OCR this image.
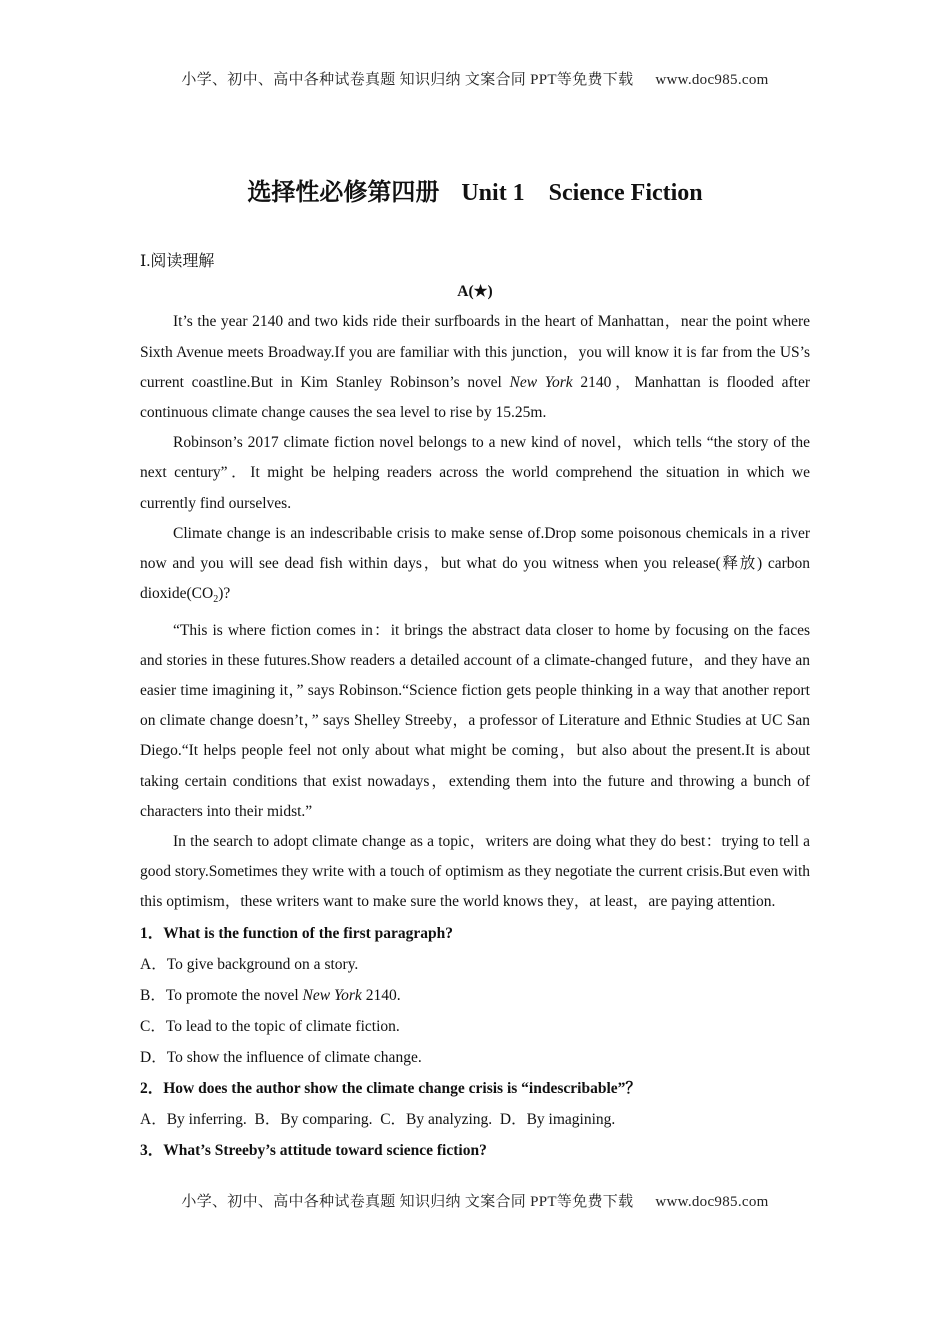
小学、初中、高中各种试卷真题 知识归纳 文案合同 PPT等免费下载 www.doc985.com
选择性必修第四册 Unit 1    Science Fiction

Ⅰ.阅读理解

A(★)

It’s the year 2140 and two kids ride their surfboards in the heart of Manhattan，near the point where Sixth Avenue meets Broadway.If you are familiar with this junction，you will know it is far from the US’s current coastline.But in Kim Stanley Robinson’s novel New York 2140，Manhattan is flooded after continuous climate change causes the sea level to rise by 15.25m.

Robinson’s 2017 climate fiction novel belongs to a new kind of novel，which tells “the story of the next century”．It might be helping readers across the world comprehend the situation in which we currently find ourselves.

Climate change is an indescribable crisis to make sense of.Drop some poisonous chemicals in a river now and you will see dead fish within days，but what do you witness when you release(释放) carbon $dioxide(CO_2)$?

“This is where fiction comes in：it brings the abstract data closer to home by focusing on the faces and stories in these futures.Show readers a detailed account of a climate-changed future，and they have an easier time imagining it，” says Robinson.“Science fiction gets people thinking in a way that another report on climate change doesn’t，” says Shelley Streeby，a professor of Literature and Ethnic Studies at UC San Diego.“It helps people feel not only about what might be coming，but also about the present.It is about taking certain conditions that exist nowadays，extending them into the future and throwing a bunch of characters into their midst.”

In the search to adopt climate change as a topic，writers are doing what they do best：trying to tell a good story.Sometimes they write with a touch of optimism as they negotiate the current crisis.But even with this optimism，these writers want to make sure the world knows they，at least，are paying attention.

1．What is the function of the first paragraph?

A．To give background on a story.

B．To promote the novel New York 2140.

C．To lead to the topic of climate fiction.

D．To show the influence of climate change.

2．How does the author show the climate change crisis is “indescribable”？

A．By inferring.  B．By comparing.  C．By analyzing.  D．By imagining.

3．What’s Streeby’s attitude toward science fiction?

小学、初中、高中各种试卷真题 知识归纳 文案合同 PPT等免费下载 www.doc985.com
